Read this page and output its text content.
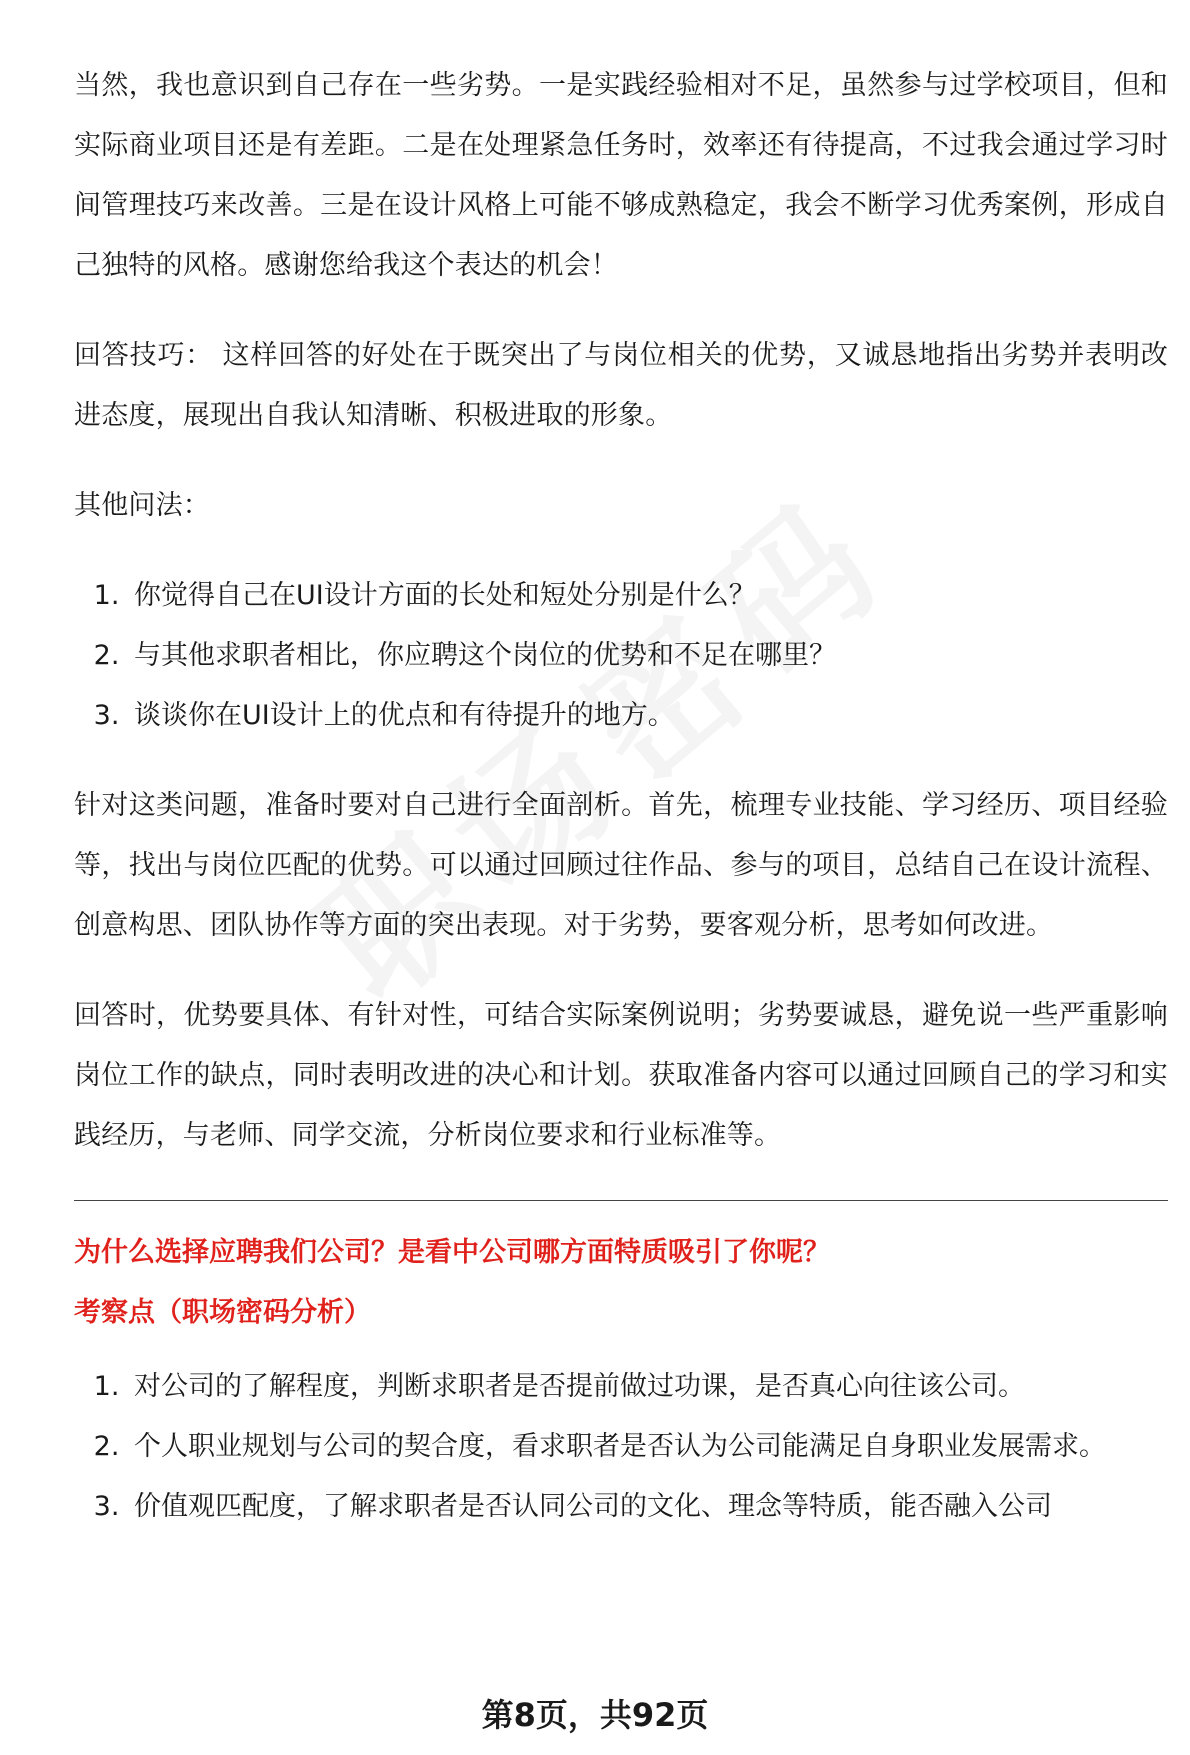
当然，我也意识到自己存在一些劣势。一是实践经验相对不足，虽然参与过学校项目，但和实际商业项目还是有差距。二是在处理紧急任务时，效率还有待提高，不过我会通过学习时间管理技巧来改善。三是在设计风格上可能不够成熟稳定，我会不断学习优秀案例，形成自己独特的风格。感谢您给我这个表达的机会！

回答技巧： 这样回答的好处在于既突出了与岗位相关的优势，又诚恳地指出劣势并表明改进态度，展现出自我认知清晰、积极进取的形象。

其他问法：

1. 你觉得自己在UI设计方面的长处和短处分别是什么？
2. 与其他求职者相比，你应聘这个岗位的优势和不足在哪里？
3. 谈谈你在UI设计上的优点和有待提升的地方。

针对这类问题，准备时要对自己进行全面剖析。首先，梳理专业技能、学习经历、项目经验等，找出与岗位匹配的优势。可以通过回顾过往作品、参与的项目，总结自己在设计流程、创意构思、团队协作等方面的突出表现。对于劣势，要客观分析，思考如何改进。

回答时，优势要具体、有针对性，可结合实际案例说明；劣势要诚恳，避免说一些严重影响岗位工作的缺点，同时表明改进的决心和计划。获取准备内容可以通过回顾自己的学习和实践经历，与老师、同学交流，分析岗位要求和行业标准等。

为什么选择应聘我们公司？是看中公司哪方面特质吸引了你呢？
考察点（职场密码分析）
1. 对公司的了解程度，判断求职者是否提前做过功课，是否真心向往该公司。
2. 个人职业规划与公司的契合度，看求职者是否认为公司能满足自身职业发展需求。
3. 价值观匹配度，了解求职者是否认同公司的文化、理念等特质，能否融入公司
第8页，共92页
